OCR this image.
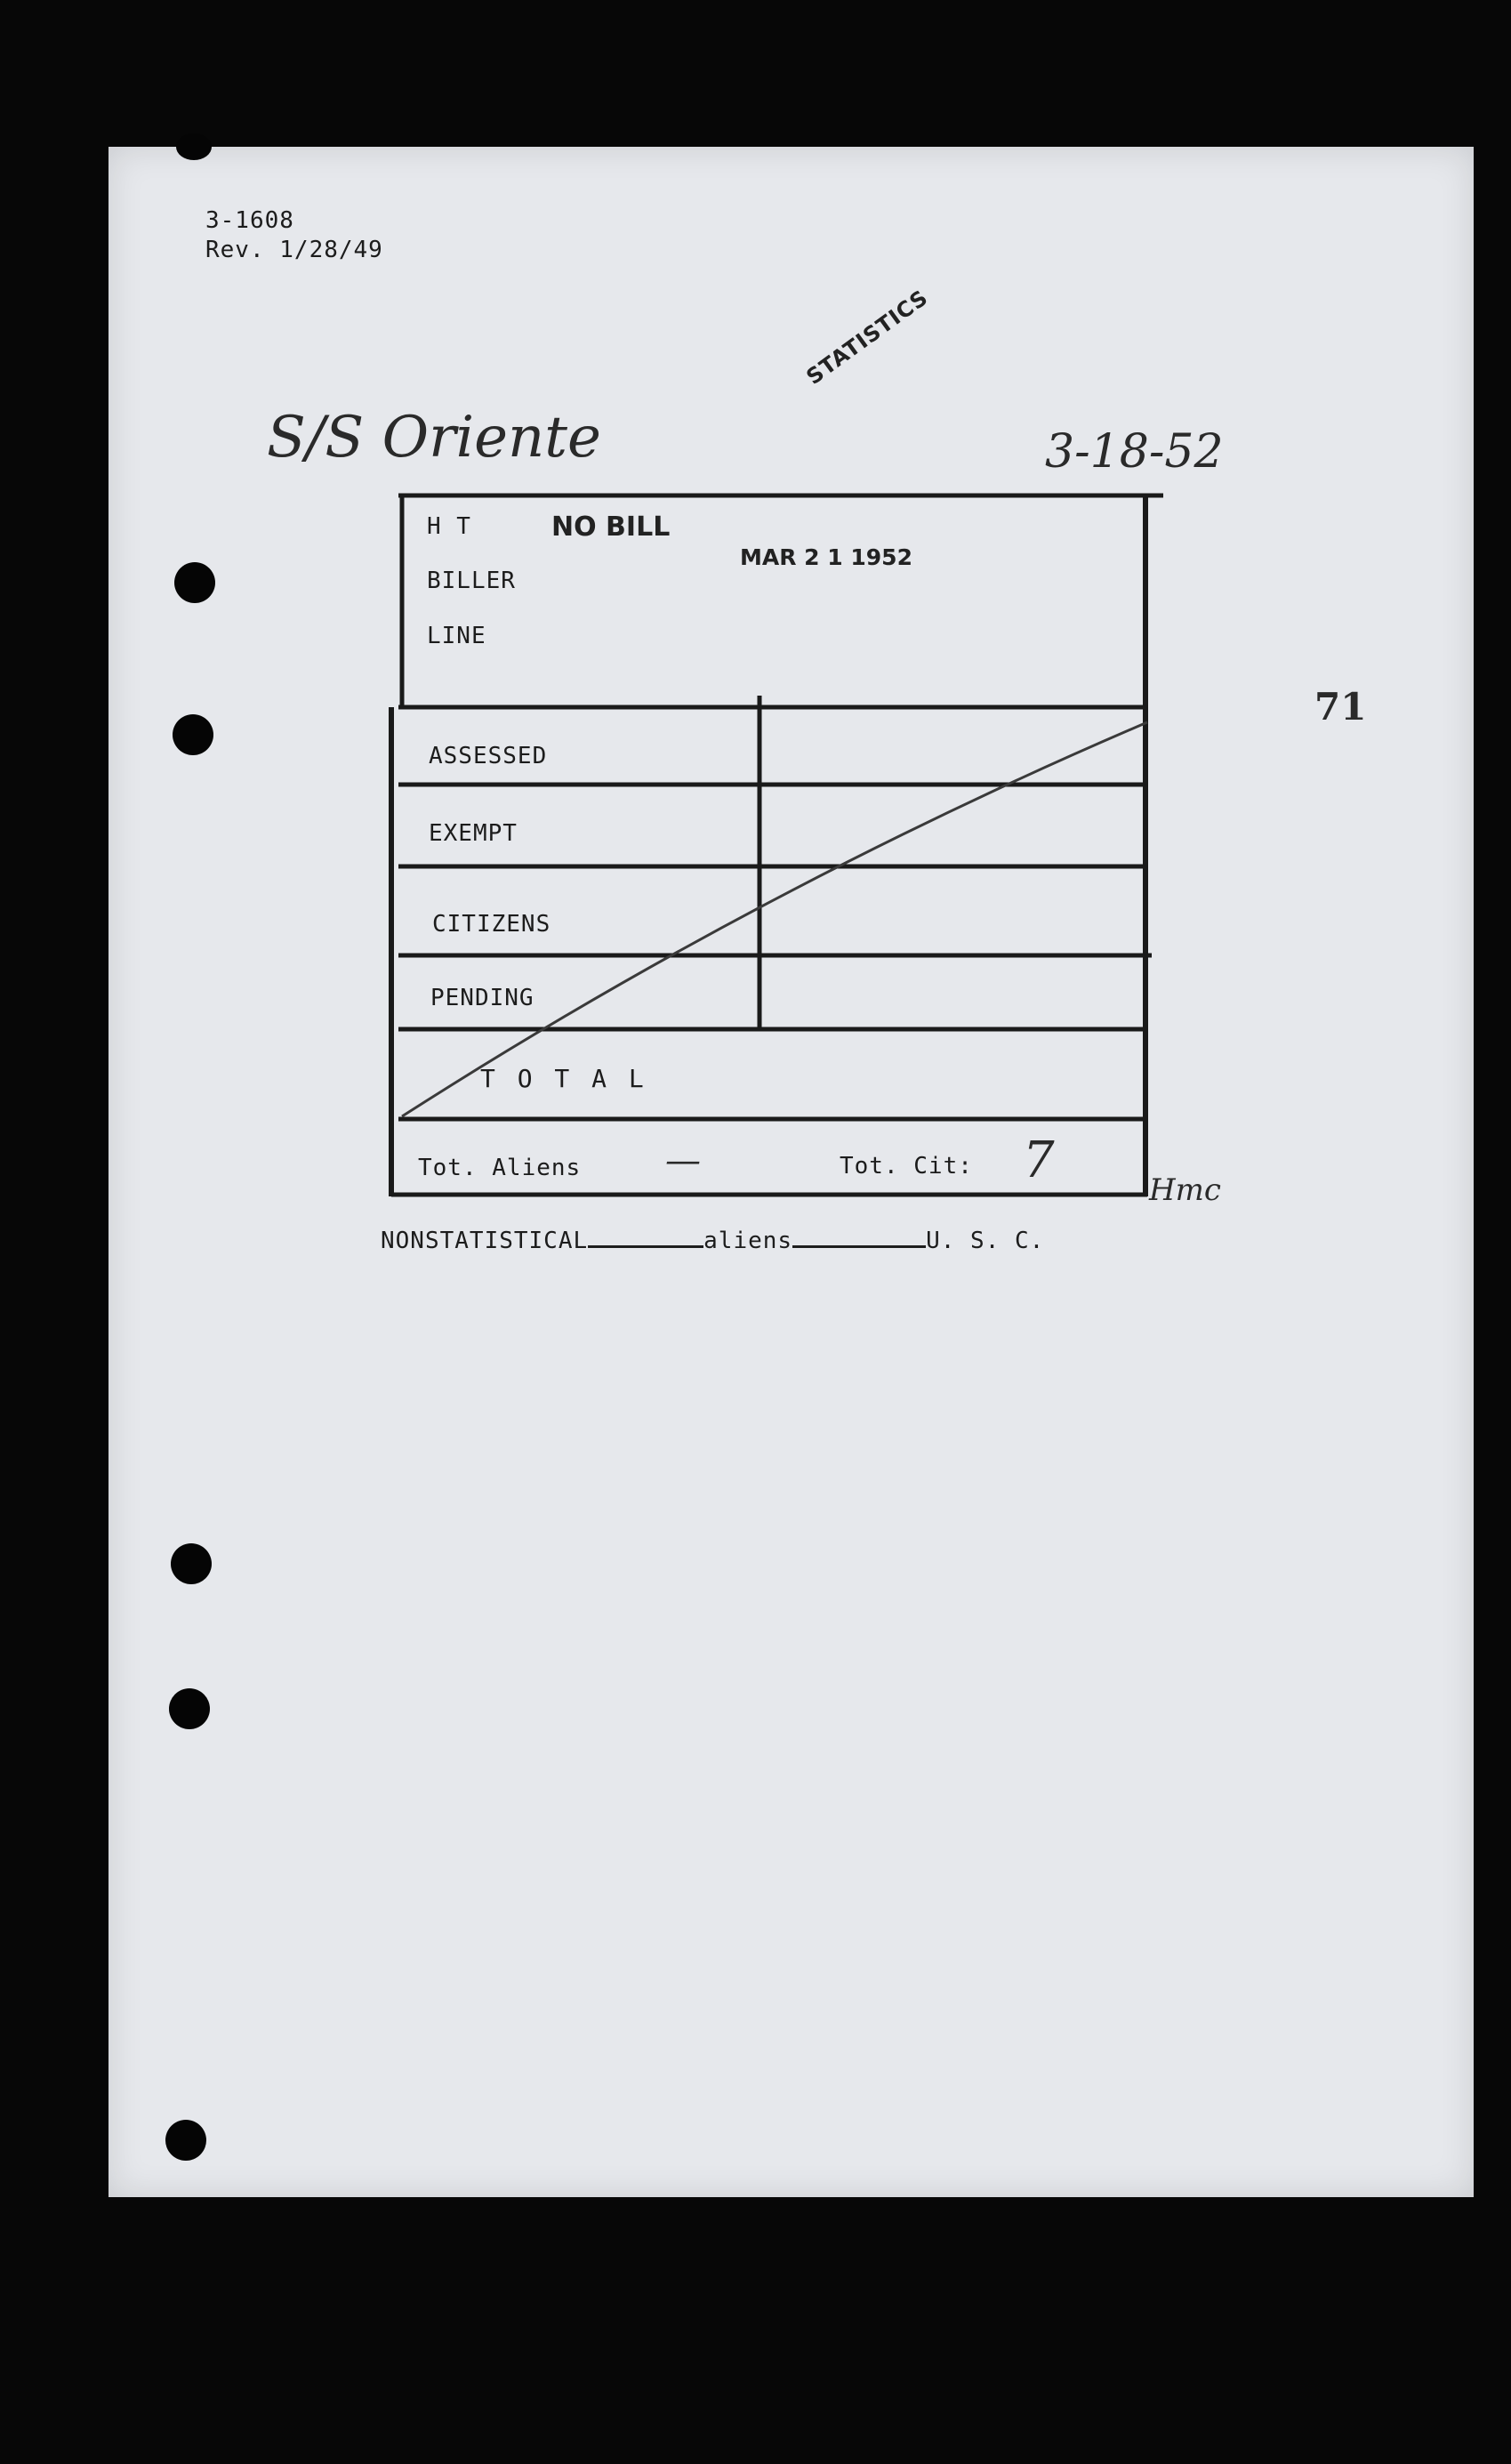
3-1608
Rev. 1/28/49
S/S Oriente	3-18-52
STATISTICS
H T
BILLER
LINE
NO BILL
MAR 2 1 1952
ASSESSED
EXEMPT
CITIZENS
PENDING
T O T A L
Tot. Aliens —	Tot. Cit: 7
Hmc
71
NONSTATISTICAL	aliens	U. S. C.
